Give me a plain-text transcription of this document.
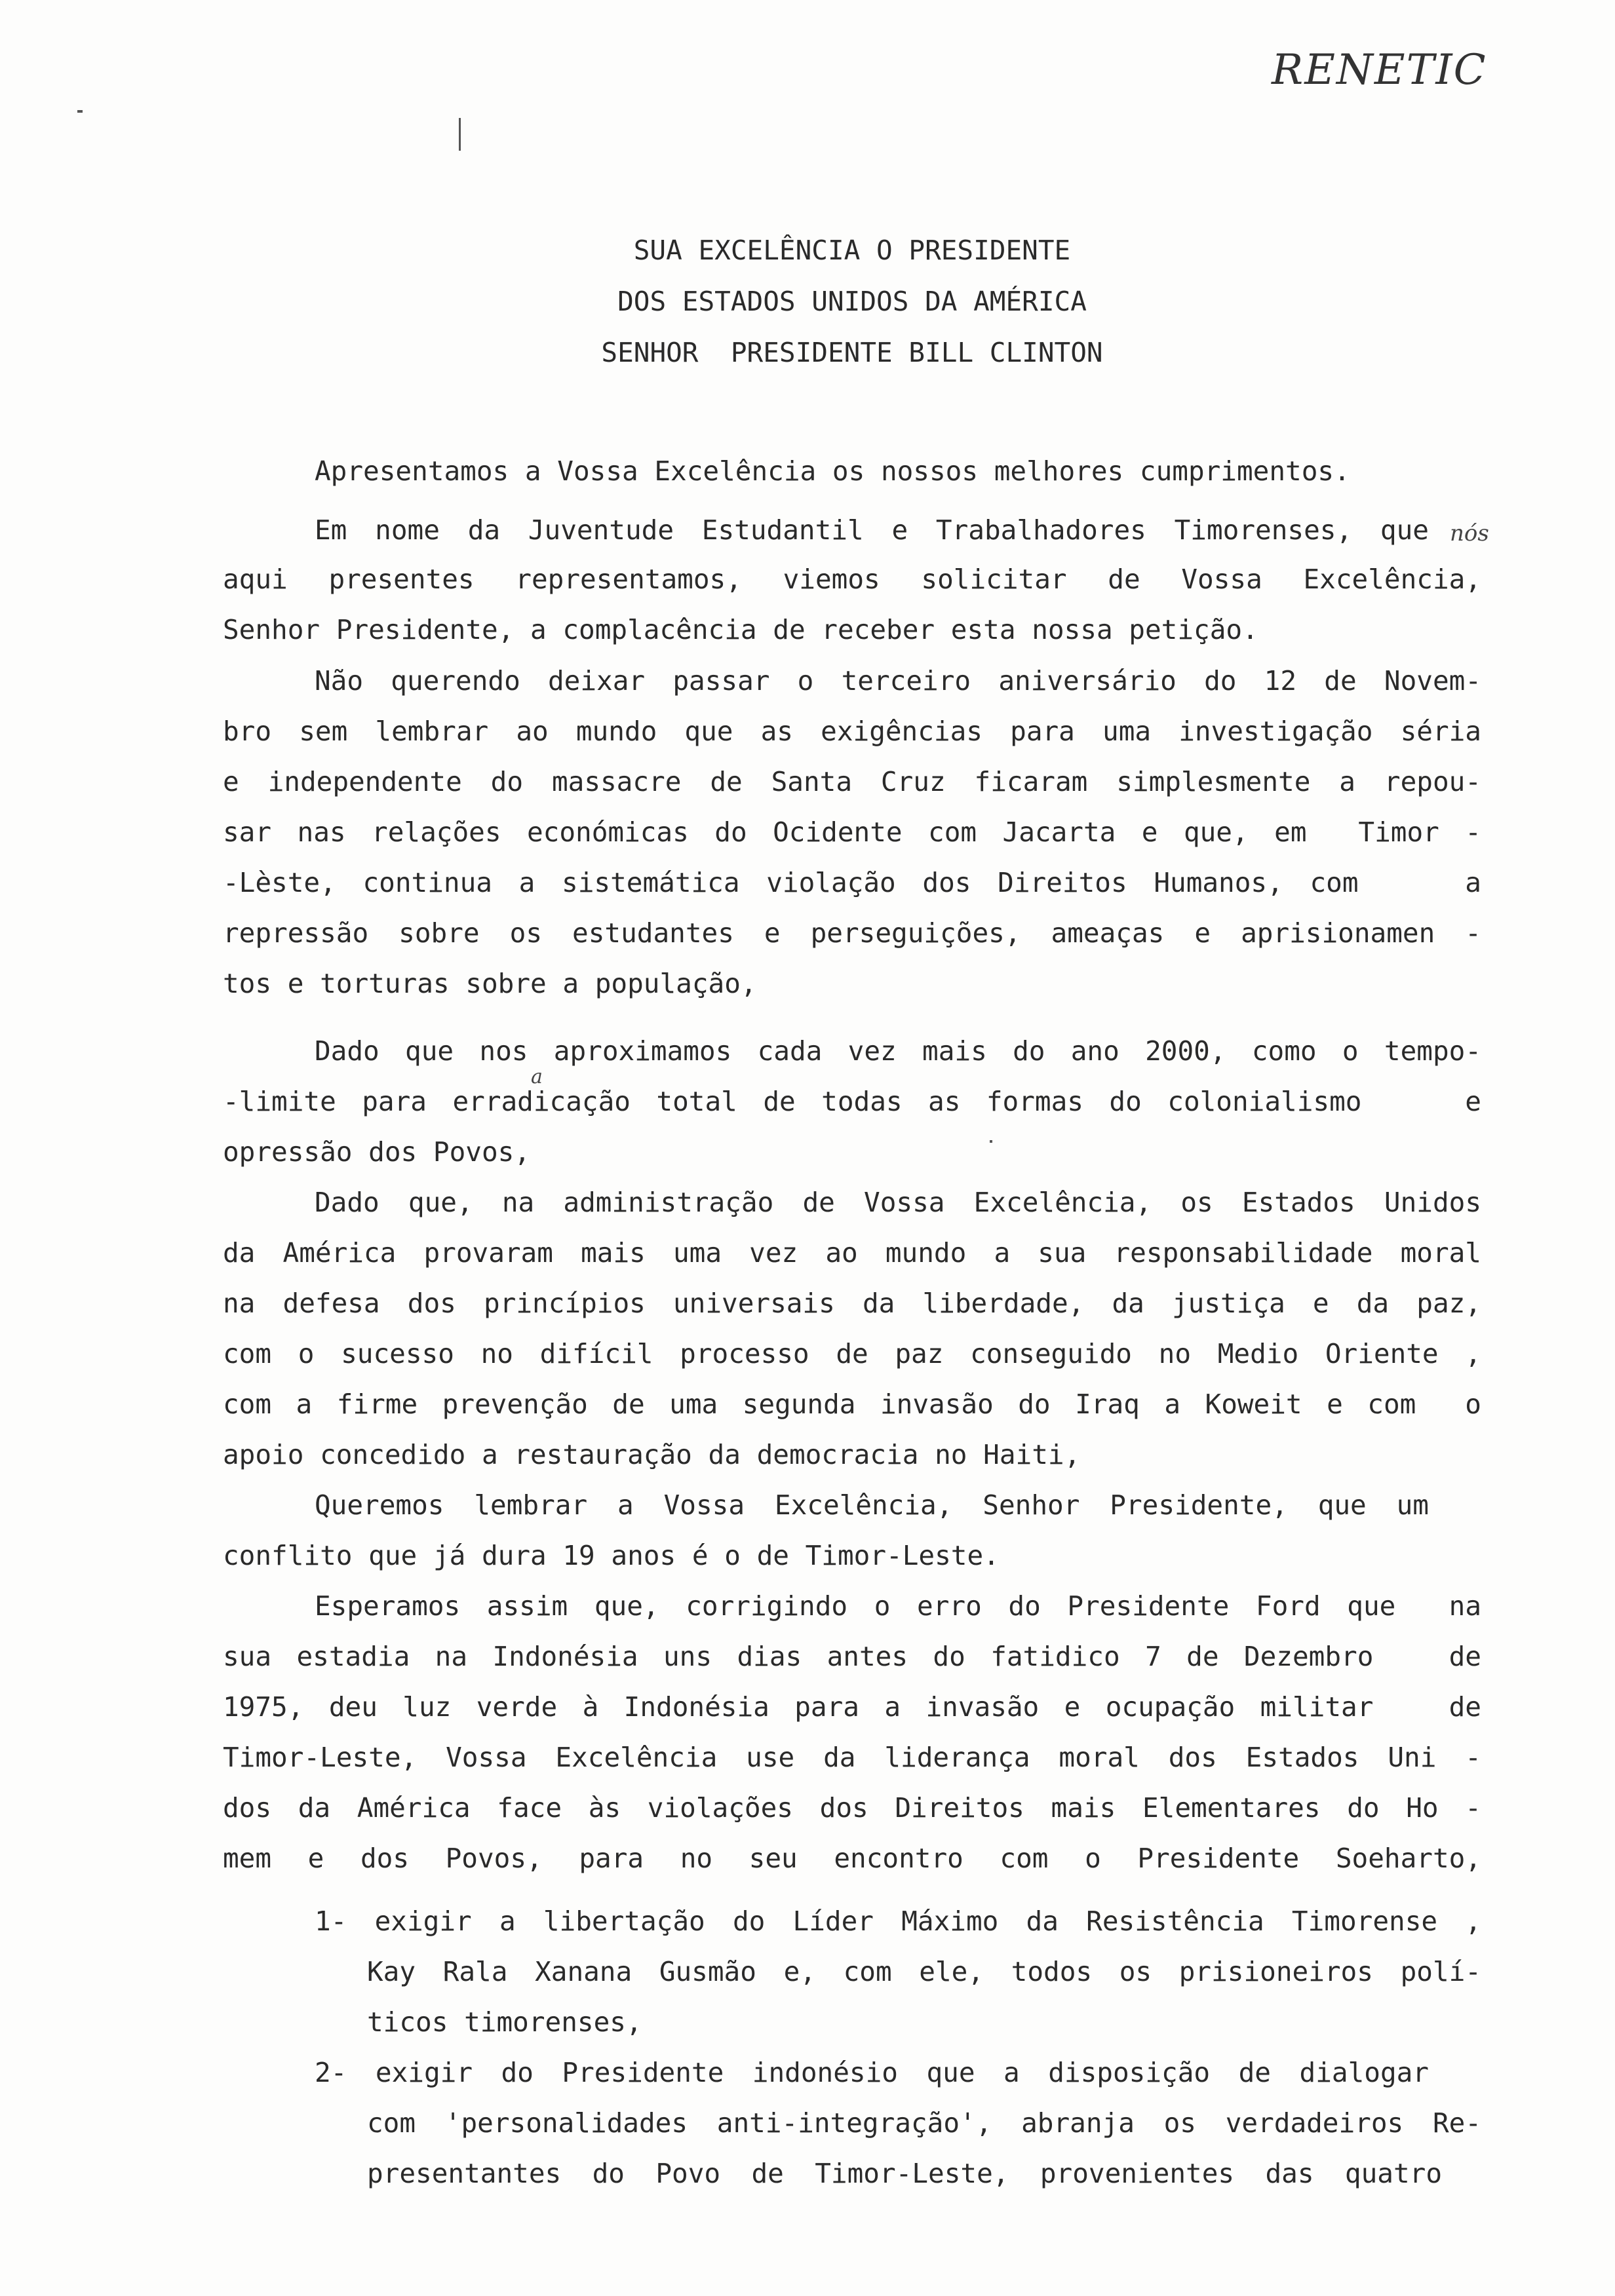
RENETIC
SUA EXCELÊNCIA O PRESIDENTE
DOS ESTADOS UNIDOS DA AMÉRICA
SENHOR  PRESIDENTE BILL CLINTON
Apresentamos a Vossa Excelência os nossos melhores cumprimentos.
Em nome da Juventude Estudantil e Trabalhadores Timorenses, que nós
aqui presentes representamos, viemos solicitar de Vossa Excelência,
Senhor Presidente, a complacência de receber esta nossa petição.
Não querendo deixar passar o terceiro aniversário do 12 de Novem-
bro sem lembrar ao mundo que as exigências para uma investigação séria
e independente do massacre de Santa Cruz ficaram simplesmente a repou-
sar nas relações económicas do Ocidente com Jacarta e que, em  Timor -
-Lèste, continua a sistemática violação dos Direitos Humanos, com    a
repressão sobre os estudantes e perseguições, ameaças e aprisionamen -
tos e torturas sobre a população,
Dado que nos aproximamos cada vez mais do ano 2000, como o tempo-
a
-limite para erradicação total de todas as formas do colonialismo    e
opressão dos Povos,
Dado que, na administração de Vossa Excelência, os Estados Unidos
da América provaram mais uma vez ao mundo a sua responsabilidade moral
na defesa dos princípios universais da liberdade, da justiça e da paz,
com o sucesso no difícil processo de paz conseguido no Medio Oriente ,
com a firme prevenção de uma segunda invasão do Iraq a Koweit e com  o
apoio concedido a restauração da democracia no Haiti,
Queremos lembrar a Vossa Excelência, Senhor Presidente, que um
conflito que já dura 19 anos é o de Timor-Leste.
Esperamos assim que, corrigindo o erro do Presidente Ford que  na
sua estadia na Indonésia uns dias antes do fatidico 7 de Dezembro   de
1975, deu luz verde à Indonésia para a invasão e ocupação militar   de
Timor-Leste, Vossa Excelência use da liderança moral dos Estados Uni -
dos da América face às violações dos Direitos mais Elementares do Ho -
mem e dos Povos, para no seu encontro com o Presidente Soeharto,
1- exigir a libertação do Líder Máximo da Resistência Timorense ,
Kay Rala Xanana Gusmão e, com ele, todos os prisioneiros polí-
ticos timorenses,
2- exigir do Presidente indonésio que a disposição de dialogar
com 'personalidades anti-integração', abranja os verdadeiros Re-
presentantes do Povo de Timor-Leste, provenientes das quatro
